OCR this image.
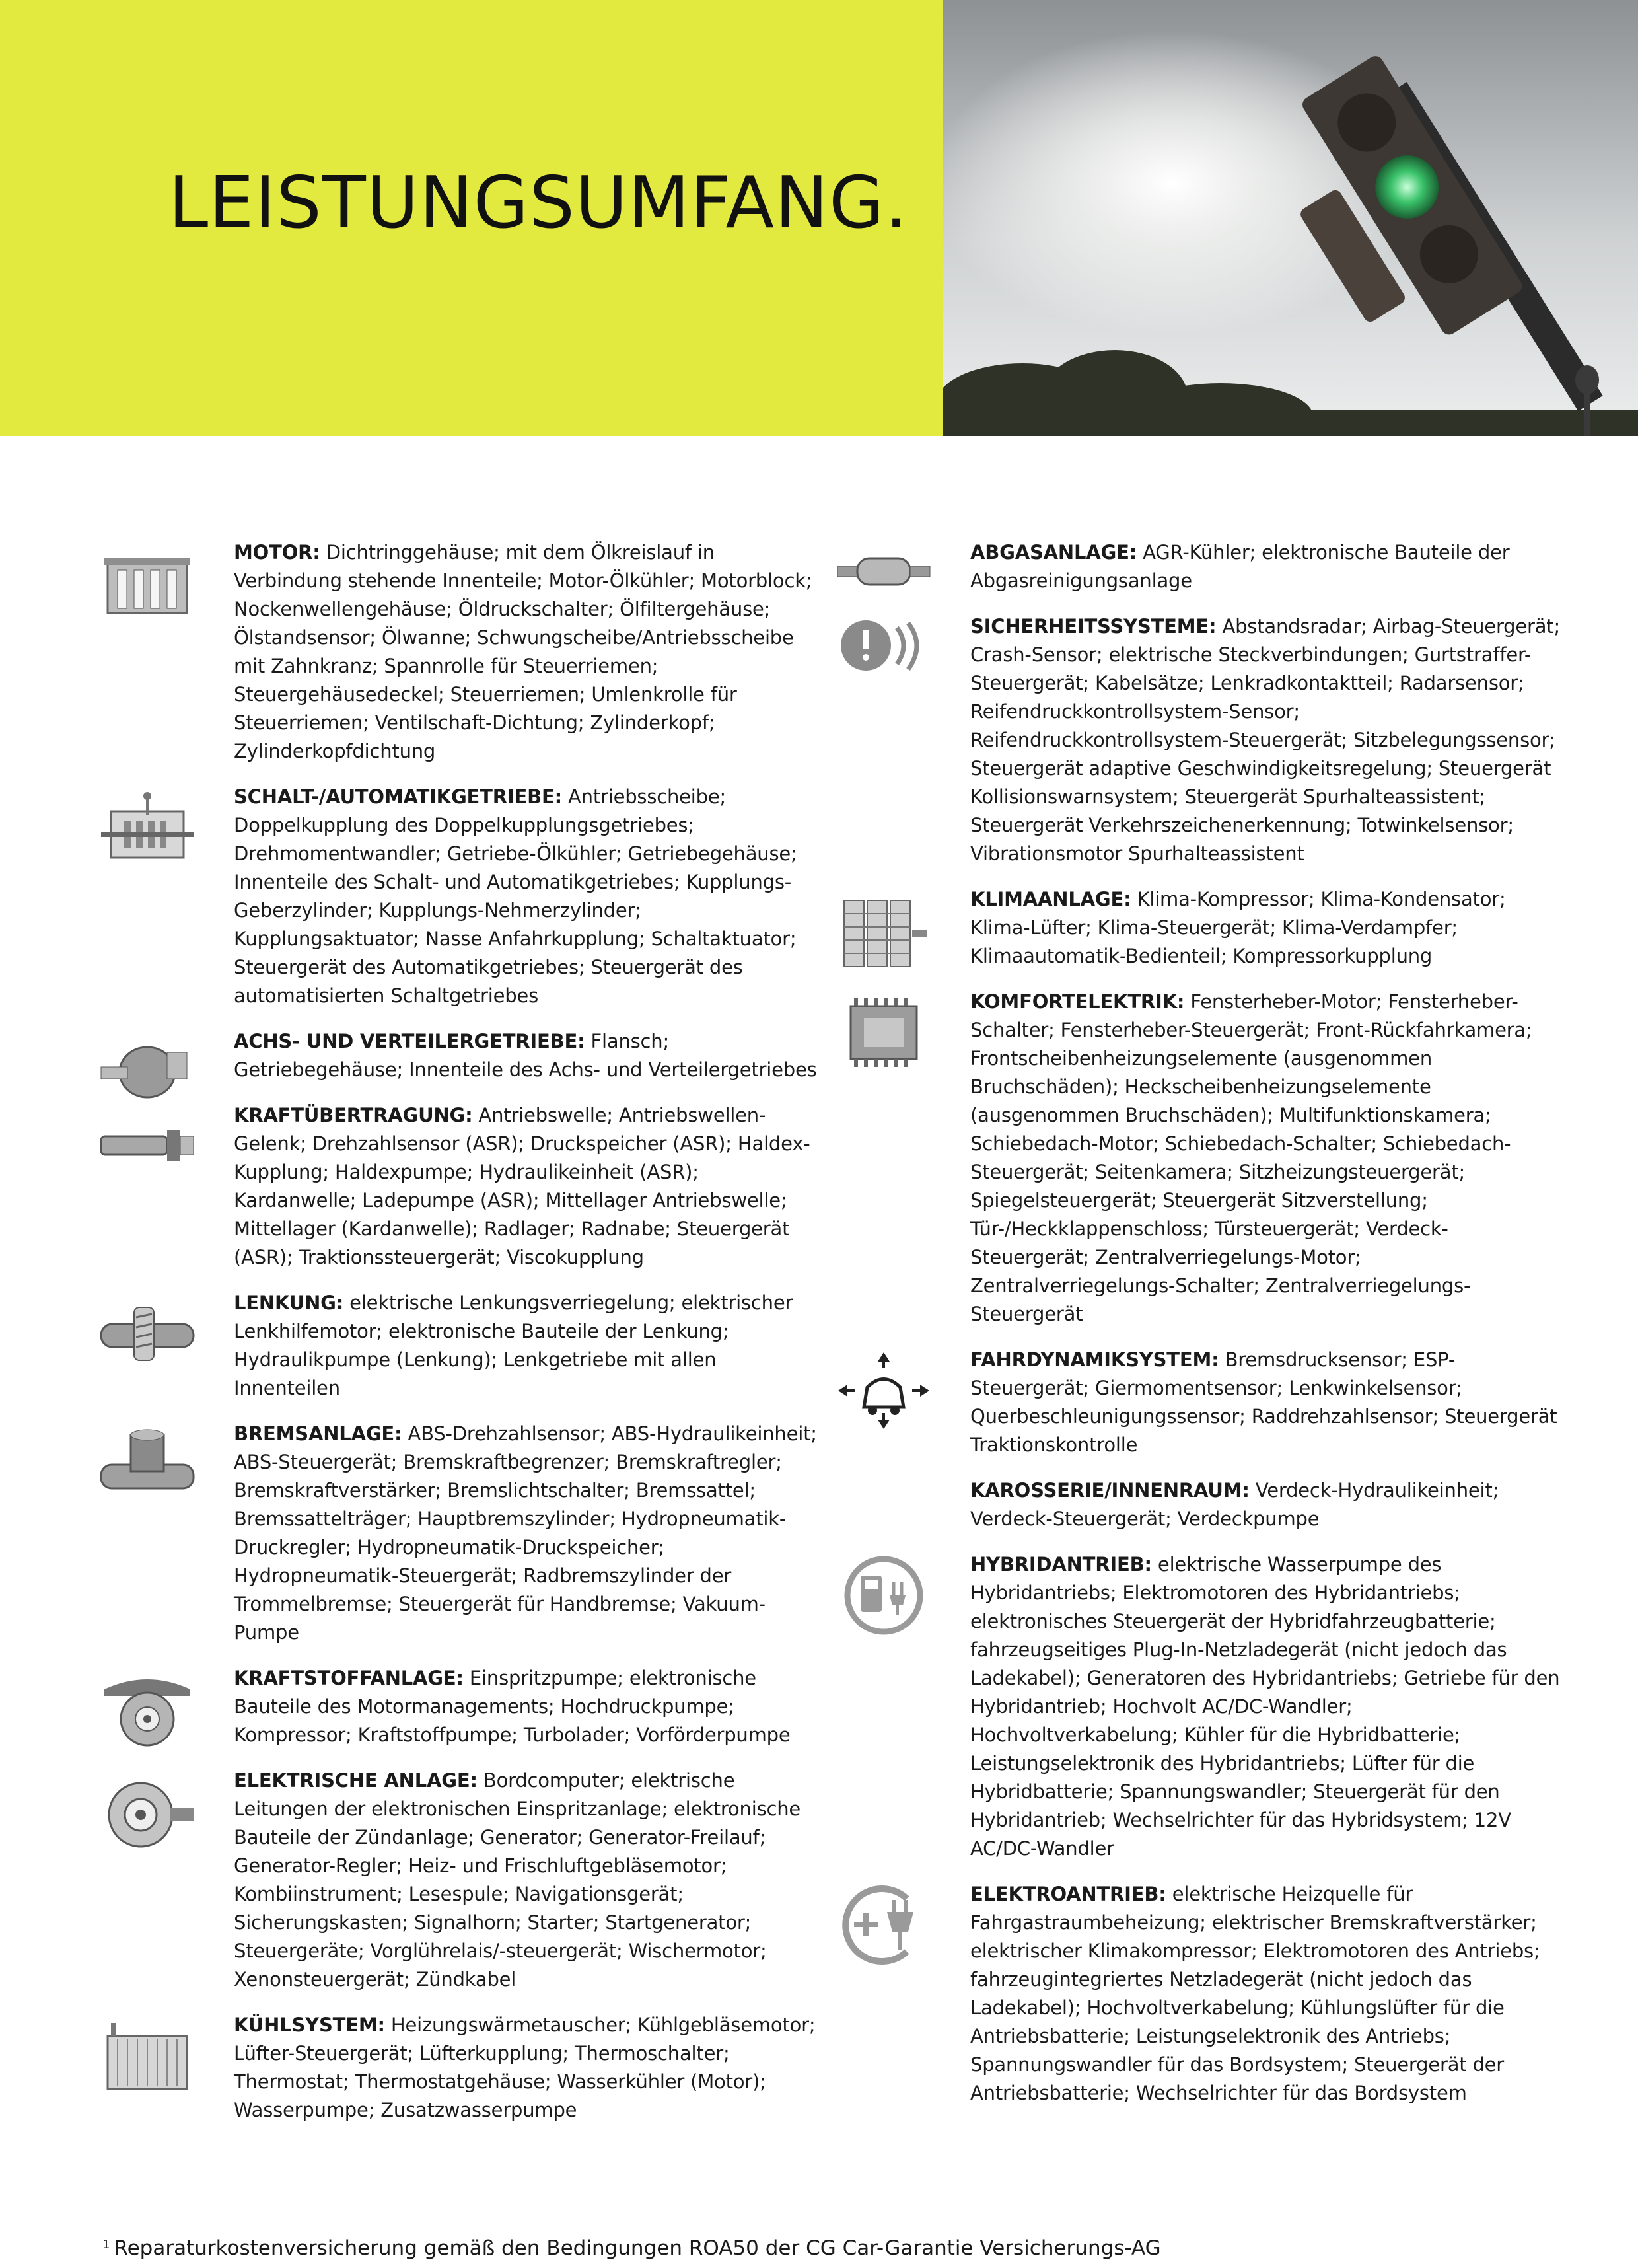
LEISTUNGSUMFANG.

MOTOR: Dichtringgehäuse; mit dem Ölkreislauf in Verbindung stehende Innenteile; Motor-Ölkühler; Motorblock; Nockenwellengehäuse; Öldruckschalter; Ölfiltergehäuse; Ölstandsensor; Ölwanne; Schwungscheibe/Antriebsscheibe mit Zahnkranz; Spannrolle für Steuerriemen; Steuergehäusedeckel; Steuerriemen; Umlenkrolle für Steuerriemen; Ventilschaft-Dichtung; Zylinderkopf; Zylinderkopfdichtung

SCHALT-/AUTOMATIKGETRIEBE: Antriebsscheibe; Doppelkupplung des Doppelkupplungsgetriebes; Drehmomentwandler; Getriebe-Ölkühler; Getriebegehäuse; Innenteile des Schalt- und Automatikgetriebes; Kupplungs-Geberzylinder; Kupplungs-Nehmerzylinder; Kupplungsaktuator; Nasse Anfahrkupplung; Schaltaktuator; Steuergerät des Automatikgetriebes; Steuergerät des automatisierten Schaltgetriebes

ACHS- UND VERTEILERGETRIEBE: Flansch; Getriebegehäuse; Innenteile des Achs- und Verteilergetriebes

KRAFTÜBERTRAGUNG: Antriebswelle; Antriebswellen-Gelenk; Drehzahlsensor (ASR); Druckspeicher (ASR); Haldex-Kupplung; Haldexpumpe; Hydraulikeinheit (ASR); Kardanwelle; Ladepumpe (ASR); Mittellager Antriebswelle; Mittellager (Kardanwelle); Radlager; Radnabe; Steuergerät (ASR); Traktionssteuergerät; Viscokupplung

LENKUNG: elektrische Lenkungsverriegelung; elektrischer Lenkhilfemotor; elektronische Bauteile der Lenkung; Hydraulikpumpe (Lenkung); Lenkgetriebe mit allen Innenteilen

BREMSANLAGE: ABS-Drehzahlsensor; ABS-Hydraulikeinheit; ABS-Steuergerät; Bremskraftbegrenzer; Bremskraftregler; Bremskraftverstärker; Bremslichtschalter; Bremssattel; Bremssattelträger; Hauptbremszylinder; Hydropneumatik-Druckregler; Hydropneumatik-Druckspeicher; Hydropneumatik-Steuergerät; Radbremszylinder der Trommelbremse; Steuergerät für Handbremse; Vakuum-Pumpe

KRAFTSTOFFANLAGE: Einspritzpumpe; elektronische Bauteile des Motormanagements; Hochdruckpumpe; Kompressor; Kraftstoffpumpe; Turbolader; Vorförderpumpe

ELEKTRISCHE ANLAGE: Bordcomputer; elektrische Leitungen der elektronischen Einspritzanlage; elektronische Bauteile der Zündanlage; Generator; Generator-Freilauf; Generator-Regler; Heiz- und Frischluftgebläsemotor; Kombiinstrument; Lesespule; Navigationsgerät; Sicherungskasten; Signalhorn; Starter; Startgenerator; Steuergeräte; Vorglührelais/-steuergerät; Wischermotor; Xenonsteuergerät; Zündkabel

KÜHLSYSTEM: Heizungswärmetauscher; Kühlgebläsemotor; Lüfter-Steuergerät; Lüfterkupplung; Thermoschalter; Thermostat; Thermostatgehäuse; Wasserkühler (Motor); Wasserpumpe; Zusatzwasserpumpe

ABGASANLAGE: AGR-Kühler; elektronische Bauteile der Abgasreinigungsanlage

SICHERHEITSSYSTEME: Abstandsradar; Airbag-Steuergerät; Crash-Sensor; elektrische Steckverbindungen; Gurtstraffer-Steuergerät; Kabelsätze; Lenkradkontaktteil; Radarsensor; Reifendruckkontrollsystem-Sensor; Reifendruckkontrollsystem-Steuergerät; Sitzbelegungssensor; Steuergerät adaptive Geschwindigkeitsregelung; Steuergerät Kollisionswarnsystem; Steuergerät Spurhalteassistent; Steuergerät Verkehrszeichenerkennung; Totwinkelsensor; Vibrationsmotor Spurhalteassistent

KLIMAANLAGE: Klima-Kompressor; Klima-Kondensator; Klima-Lüfter; Klima-Steuergerät; Klima-Verdampfer; Klimaautomatik-Bedienteil; Kompressorkupplung

KOMFORTELEKTRIK: Fensterheber-Motor; Fensterheber-Schalter; Fensterheber-Steuergerät; Front-Rückfahrkamera; Frontscheibenheizungselemente (ausgenommen Bruchschäden); Heckscheibenheizungselemente (ausgenommen Bruchschäden); Multifunktionskamera; Schiebedach-Motor; Schiebedach-Schalter; Schiebedach-Steuergerät; Seitenkamera; Sitzheizungsteuergerät; Spiegelsteuergerät; Steuergerät Sitzverstellung; Tür-/Heckklappenschloss; Türsteuergerät; Verdeck-Steuergerät; Zentralverriegelungs-Motor; Zentralverriegelungs-Schalter; Zentralverriegelungs-Steuergerät

FAHRDYNAMIKSYSTEM: Bremsdrucksensor; ESP-Steuergerät; Giermomentsensor; Lenkwinkelsensor; Querbeschleunigungssensor; Raddrehzahlsensor; Steuergerät Traktionskontrolle

KAROSSERIE/INNENRAUM: Verdeck-Hydraulikeinheit; Verdeck-Steuergerät; Verdeckpumpe

HYBRIDANTRIEB: elektrische Wasserpumpe des Hybridantriebs; Elektromotoren des Hybridantriebs; elektronisches Steuergerät der Hybridfahrzeugbatterie; fahrzeugseitiges Plug-In-Netzladegerät (nicht jedoch das Ladekabel); Generatoren des Hybridantriebs; Getriebe für den Hybridantrieb; Hochvolt AC/DC-Wandler; Hochvoltverkabelung; Kühler für die Hybridbatterie; Leistungselektronik des Hybridantriebs; Lüfter für die Hybridbatterie; Spannungswandler; Steuergerät für den Hybridantrieb; Wechselrichter für das Hybridsystem; 12V AC/DC-Wandler

ELEKTROANTRIEB: elektrische Heizquelle für Fahrgastraumbeheizung; elektrischer Bremskraftverstärker; elektrischer Klimakompressor; Elektromotoren des Antriebs; fahrzeugintegriertes Netzladegerät (nicht jedoch das Ladekabel); Hochvoltverkabelung; Kühlungslüfter für die Antriebsbatterie; Leistungselektronik des Antriebs; Spannungswandler für das Bordsystem; Steuergerät der Antriebsbatterie; Wechselrichter für das Bordsystem

$^1$ Reparaturkostenversicherung gemäß den Bedingungen ROA50 der CG Car-Garantie Versicherungs-AG
